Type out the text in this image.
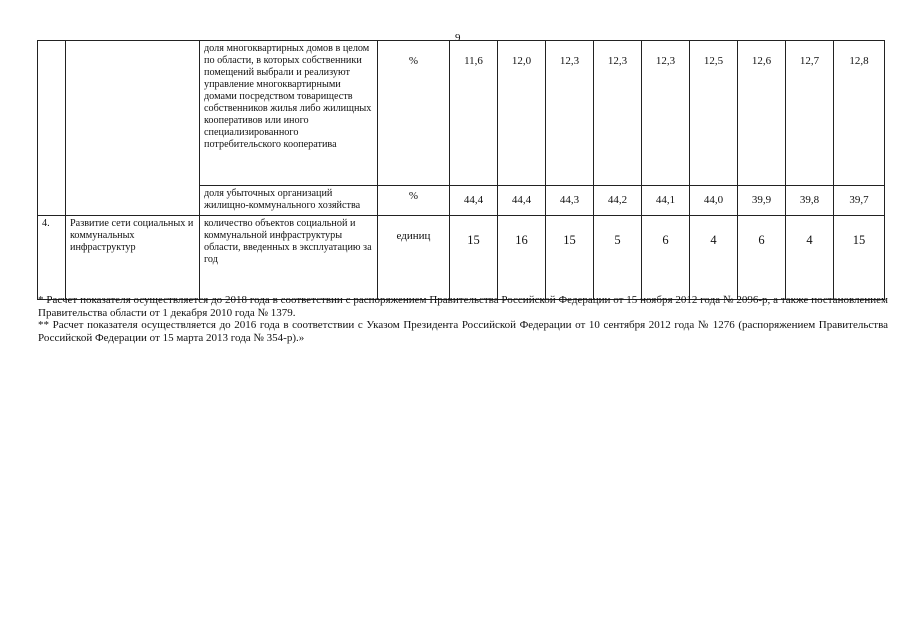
9
		доля многоквартирных домов в целом по области, в которых собственники помещений выбрали и реализуют управление многоквартирными домами посредством товариществ собственников жилья либо жилищных кооперативов или иного специализированного потребительского кооператива	%	11,6	12,0	12,3	12,3	12,3	12,5	12,6	12,7	12,8
		доля убыточных организаций жилищно-коммунального хозяйства	%	44,4	44,4	44,3	44,2	44,1	44,0	39,9	39,8	39,7
4.	Развитие сети социальных и коммунальных инфраструктур	количество объектов социальной и коммунальной инфраструктуры области, введенных в эксплуатацию за год	единиц	15	16	15	5	6	4	6	4	15

* Расчет показателя осуществляется до 2018 года в соответствии с распоряжением Правительства Российской Федерации от 15 ноября 2012 года № 2096-р, а также постановлением Правительства области от 1 декабря 2010 года № 1379.

** Расчет показателя осуществляется до 2016 года в соответствии с Указом Президента Российской Федерации от 10 сентября 2012 года № 1276 (распоряжением Правительства Российской Федерации от 15 марта 2013 года № 354-р).»
